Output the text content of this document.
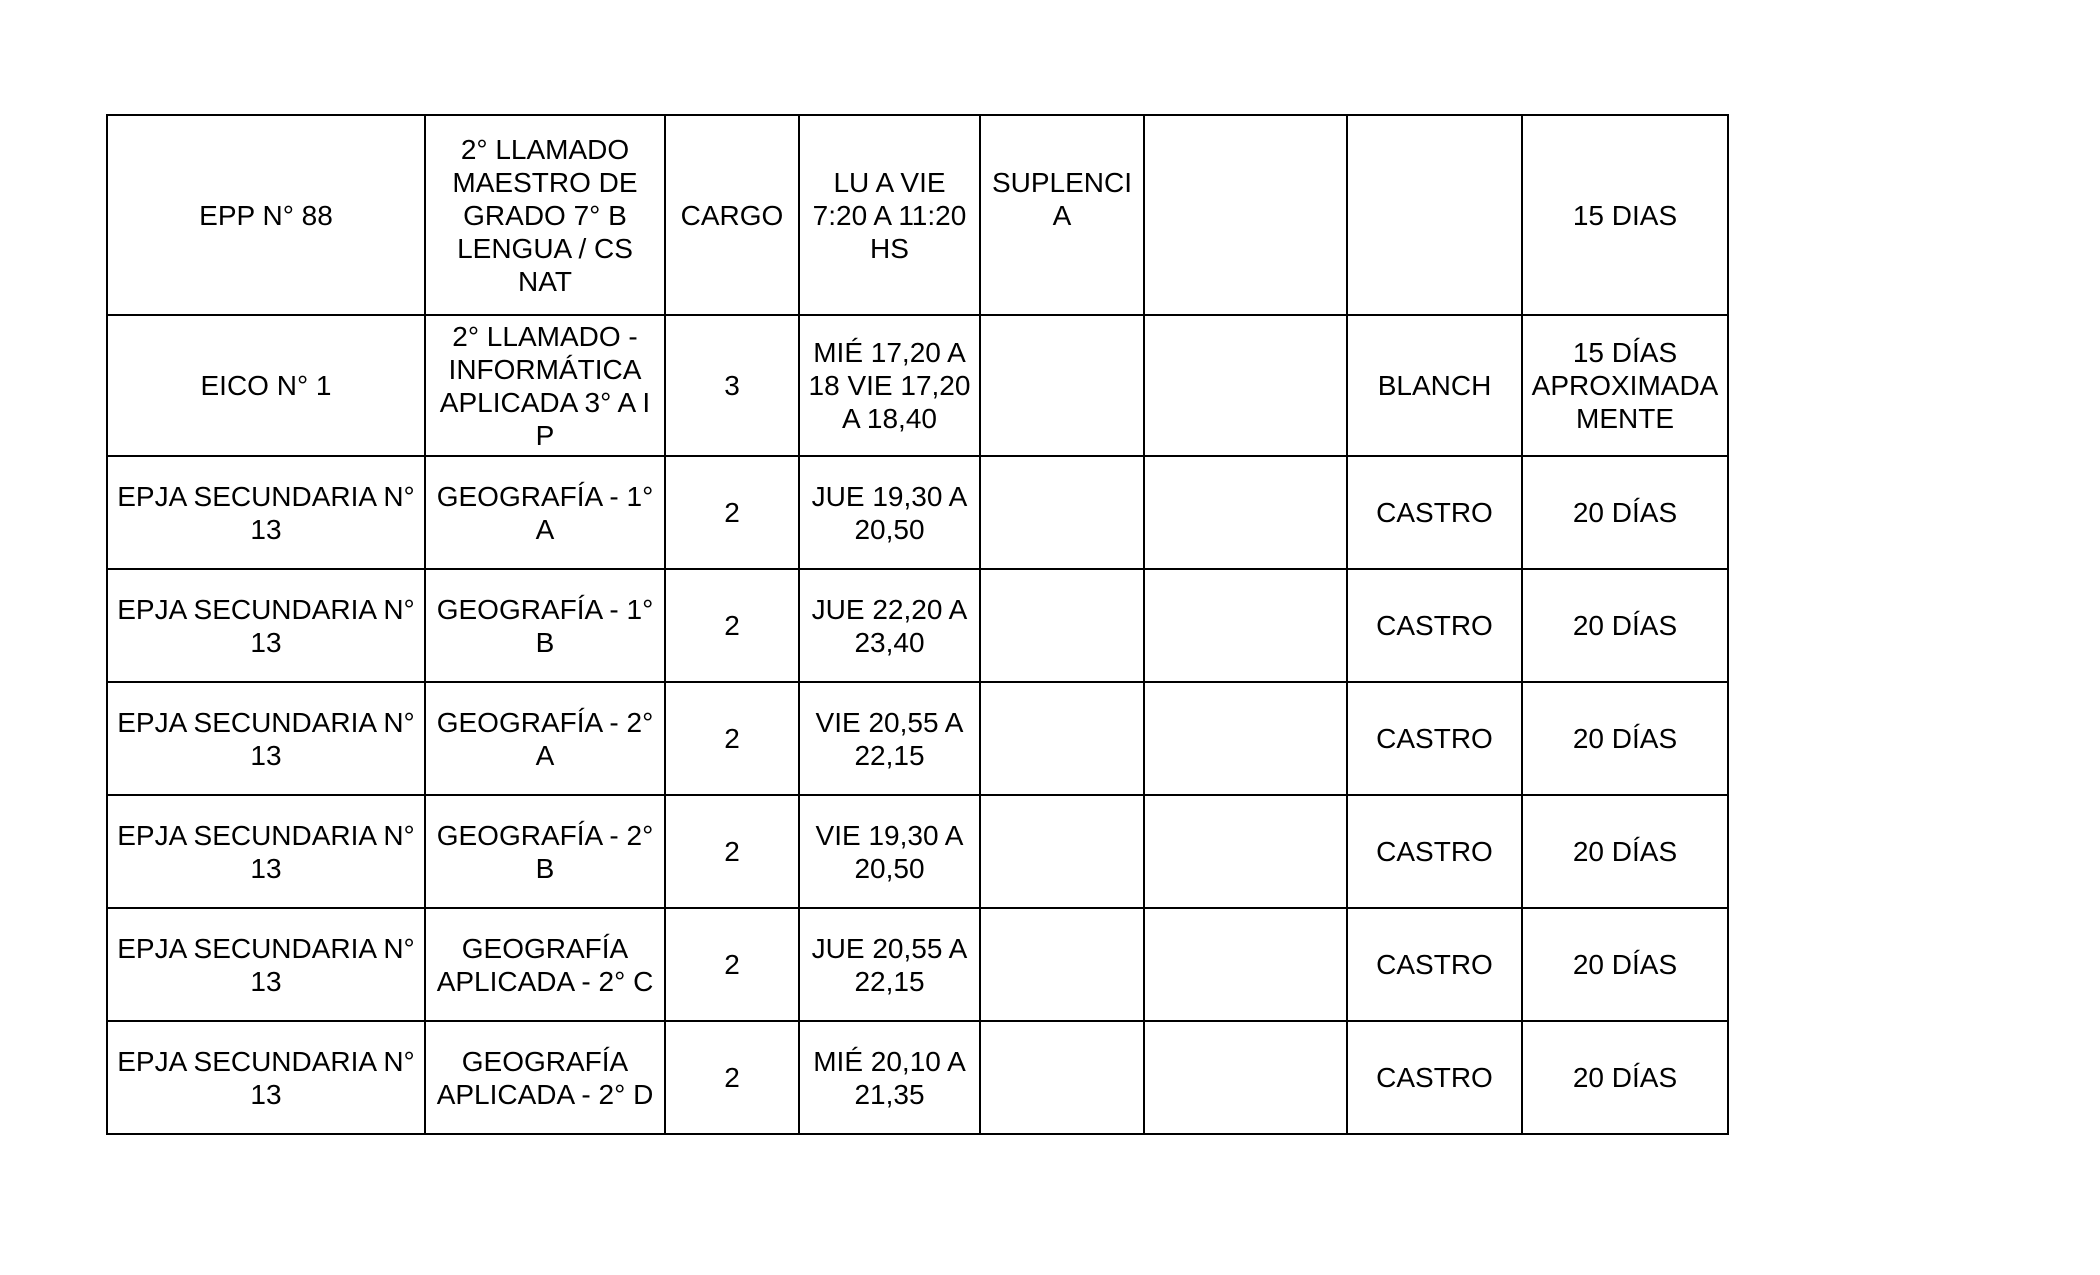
EPP N° 88	2° LLAMADO
MAESTRO DE
GRADO 7° B
LENGUA / CS
NAT	CARGO	LU A VIE
7:20 A 11:20
HS	SUPLENCI
A			15 DIAS
EICO N° 1	2° LLAMADO -
INFORMÁTICA
APLICADA 3° A IP	3	MIÉ 17,20 A
18 VIE 17,20
A 18,40			BLANCH	15 DÍAS
APROXIMADA
MENTE
EPJA SECUNDARIA N°
13	GEOGRAFÍA - 1°
A	2	JUE 19,30 A
20,50			CASTRO	20 DÍAS
EPJA SECUNDARIA N°
13	GEOGRAFÍA - 1°
B	2	JUE 22,20 A
23,40			CASTRO	20 DÍAS
EPJA SECUNDARIA N°
13	GEOGRAFÍA - 2°
A	2	VIE 20,55 A
22,15			CASTRO	20 DÍAS
EPJA SECUNDARIA N°
13	GEOGRAFÍA - 2°
B	2	VIE 19,30 A
20,50			CASTRO	20 DÍAS
EPJA SECUNDARIA N°
13	GEOGRAFÍA
APLICADA - 2° C	2	JUE 20,55 A
22,15			CASTRO	20 DÍAS
EPJA SECUNDARIA N°
13	GEOGRAFÍA
APLICADA - 2° D	2	MIÉ 20,10 A
21,35			CASTRO	20 DÍAS
